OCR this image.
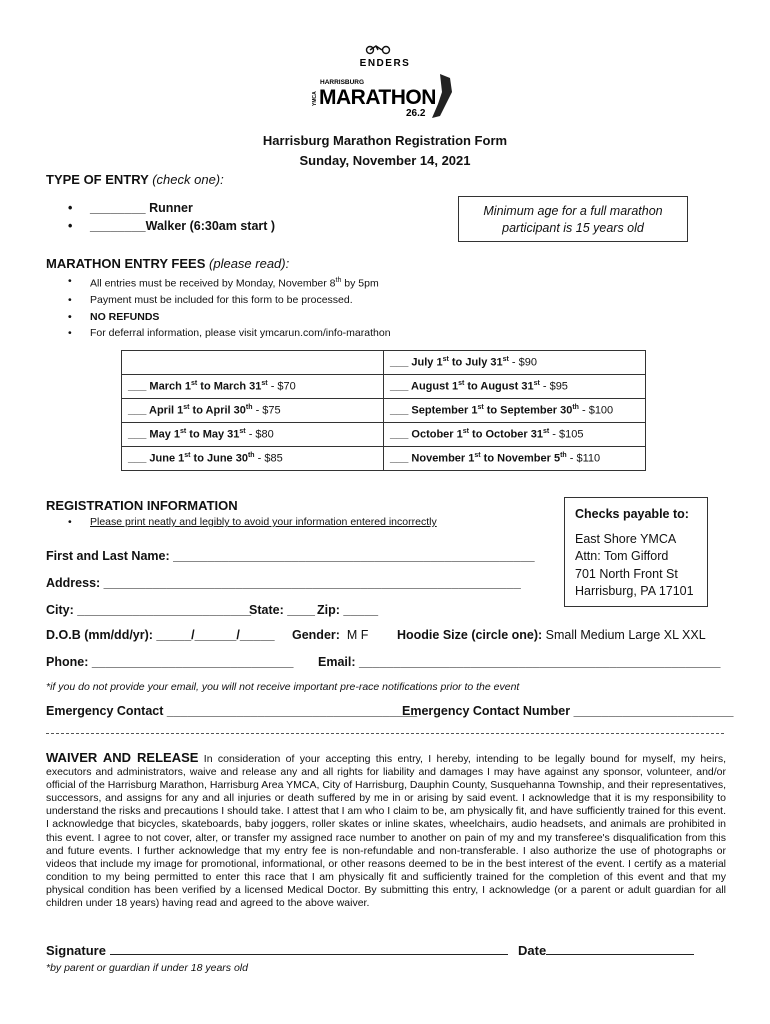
ENDERS
HARRISBURG
YMCA MARATHON
26.2
Harrisburg Marathon Registration Form
Sunday, November 14, 2021
TYPE OF ENTRY (check one):
• ________ Runner
• ________Walker (6:30am start )
Minimum age for a full marathon participant is 15 years old
MARATHON ENTRY FEES (please read):
• All entries must be received by Monday, November 8th by 5pm
• Payment must be included for this form to be processed.
• NO REFUNDS
• For deferral information, please visit ymcarun.com/info-marathon
	___ July 1st to July 31st - $90
___ March 1st to March 31st - $70	___ August 1st to August 31st - $95
___ April 1st to April 30th - $75	___ September 1st to September 30th - $100
___ May 1st to May 31st - $80	___ October 1st to October 31st - $105
___ June 1st to June 30th - $85	___ November 1st to November 5th - $110
REGISTRATION INFORMATION
• Please print neatly and legibly to avoid your information entered incorrectly
Checks payable to:
East Shore YMCA
Attn: Tom Gifford
701 North Front St
Harrisburg, PA 17101
First and Last Name: ____________________________________________________
Address: ____________________________________________________________
City: _________________________
State: ____ Zip: _____
D.O.B (mm/dd/yr): _____/______/_____ Gender: M F Hoodie Size (circle one): Small Medium Large XL XXL
Phone: _____________________________ Email: ____________________________________________________
*if you do not provide your email, you will not receive important pre-race notifications prior to the event
Emergency Contact ____________________________________
Emergency Contact Number _______________________
WAIVER AND RELEASE In consideration of your accepting this entry, I hereby, intending to be legally bound for myself, my heirs, executors and administrators, waive and release any and all rights for liability and damages I may have against any sponsor, volunteer, and/or official of the Harrisburg Marathon, Harrisburg Area YMCA, City of Harrisburg, Dauphin County, Susquehanna Township, and their representatives, successors, and assigns for any and all injuries or death suffered by me in or arising by said event. I acknowledge that it is my responsibility to understand the risks and precautions I should take. I attest that I am who I claim to be, am physically fit, and have sufficiently trained for this event. I acknowledge that bicycles, skateboards, baby joggers, roller skates or inline skates, wheelchairs, audio headsets, and animals are prohibited in this event. I agree to not cover, alter, or transfer my assigned race number to another on pain of my and my transferee's disqualification from this and future events. I further acknowledge that my entry fee is non-refundable and non-transferable. I also authorize the use of photographs or videos that include my image for promotional, informational, or other reasons deemed to be in the best interest of the event. I certify as a material condition to my being permitted to enter this race that I am physically fit and sufficiently trained for the completion of this event and that my physical condition has been verified by a licensed Medical Doctor. By submitting this entry, I acknowledge (or a parent or adult guardian for all children under 18 years) having read and agreed to the above waiver.
Signature	Date
*by parent or guardian if under 18 years old
